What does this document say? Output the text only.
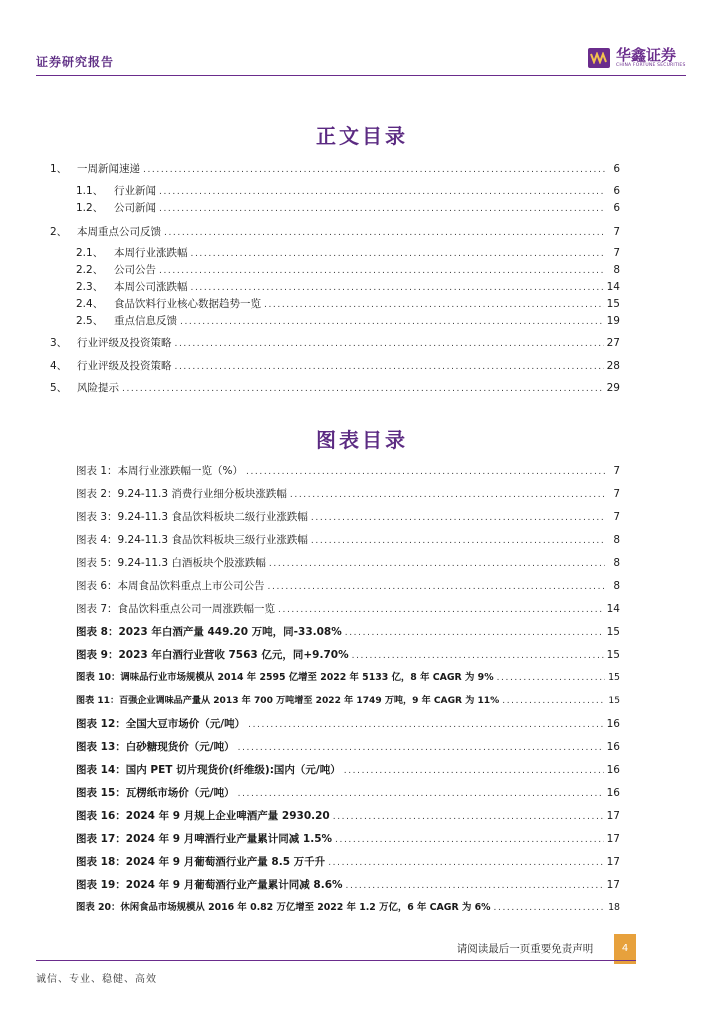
证券研究报告	华鑫证券
CHINA FORTUNE SECURITIES
正文目录
1、 一周新闻速递 .....	6
1.1、	行业新闻 .....	6
1.2、	公司新闻 .....	6
2、 本周重点公司反馈 .....	7
2.1、	本周行业涨跌幅 .....	7
2.2、	公司公告 .....	8
2.3、	本周公司涨跌幅 .....	14
2.4、	食品饮料行业核心数据趋势一览 .....	15
2.5、	重点信息反馈 .....	19
3、 行业评级及投资策略 .....	27
4、 行业评级及投资策略 .....	28
5、 风险提示 .....	29
图表目录
图表 1：本周行业涨跌幅一览（%） .....	7
图表 2：9.24-11.3 消费行业细分板块涨跌幅 .....	7
图表 3：9.24-11.3 食品饮料板块二级行业涨跌幅 .....	7
图表 4：9.24-11.3 食品饮料板块三级行业涨跌幅 .....	8
图表 5：9.24-11.3 白酒板块个股涨跌幅 .....	8
图表 6：本周食品饮料重点上市公司公告 .....	8
图表 7：食品饮料重点公司一周涨跌幅一览 .....	14
图表 8：2023 年白酒产量 449.20 万吨，同-33.08% .....	15
图表 9：2023 年白酒行业营收 7563 亿元，同+9.70% .....	15
图表 10：调味品行业市场规模从 2014 年 2595 亿增至 2022 年 5133 亿，8 年 CAGR 为 9% .....	15
图表 11：百强企业调味品产量从 2013 年 700 万吨增至 2022 年 1749 万吨，9 年 CAGR 为 11% .....	15
图表 12：全国大豆市场价（元/吨） .....	16
图表 13：白砂糖现货价（元/吨） .....	16
图表 14：国内 PET 切片现货价(纤维级):国内（元/吨） .....	16
图表 15：瓦楞纸市场价（元/吨） .....	16
图表 16：2024 年 9 月规上企业啤酒产量 2930.20 .....	17
图表 17：2024 年 9 月啤酒行业产量累计同减 1.5% .....	17
图表 18：2024 年 9 月葡萄酒行业产量 8.5 万千升 .....	17
图表 19：2024 年 9 月葡萄酒行业产量累计同减 8.6% .....	17
图表 20：休闲食品市场规模从 2016 年 0.82 万亿增至 2022 年 1.2 万亿，6 年 CAGR 为 6% .....	18
请阅读最后一页重要免责声明	4
诚信、专业、稳健、高效
